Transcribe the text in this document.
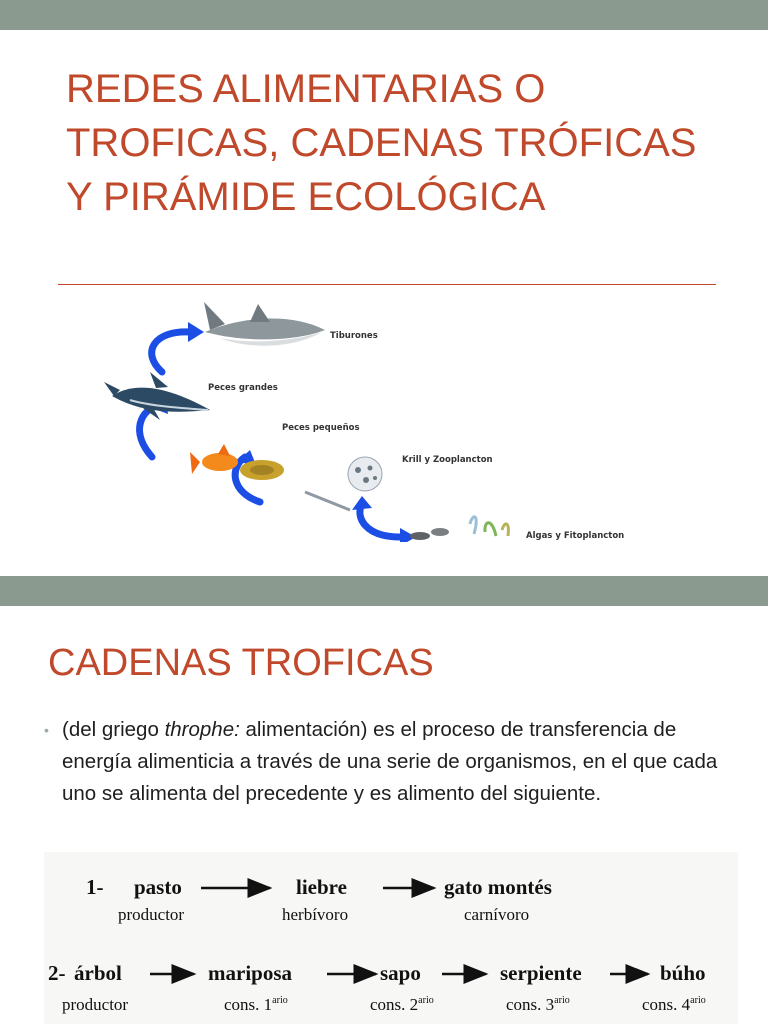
REDES ALIMENTARIAS O TROFICAS, CADENAS TRÓFICAS Y PIRÁMIDE ECOLÓGICA
Tiburones
Peces grandes
Peces pequeños
Krill y Zooplancton
Algas y Fitoplancton
CADENAS TROFICAS
• (del griego throphe: alimentación) es el proceso de transferencia de energía alimenticia a través de una serie de organismos, en el que cada uno se alimenta del precedente y es alimento del siguiente.
1- pasto
productor
liebre
herbívoro
gato montés
carnívoro
2- árbol
productor
mariposa
cons. $1^{ario}$
sapo
cons. $2^{ario}$
serpiente
cons. $3^{ario}$
búho
cons. $4^{ario}$
